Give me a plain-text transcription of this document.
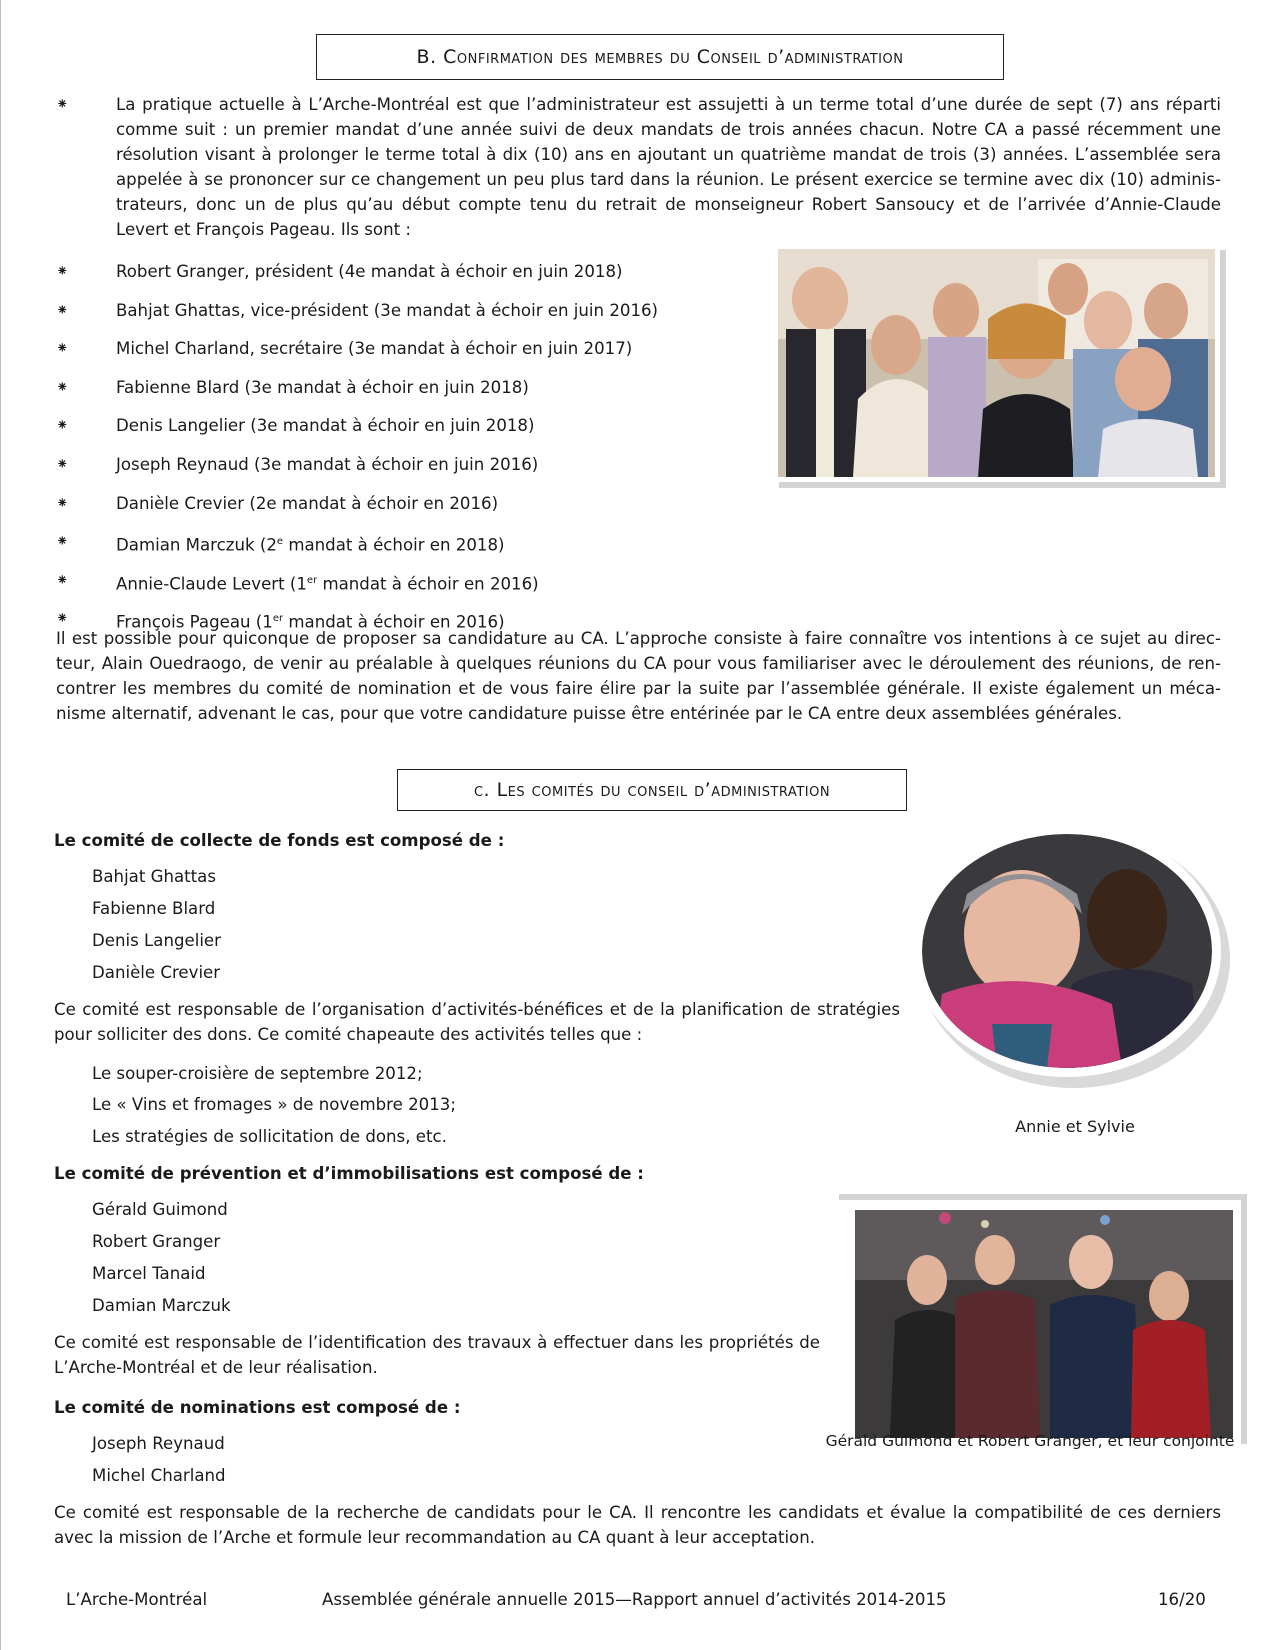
B. Confirmation des membres du Conseil d’administration
⁕
⁕	Robert Granger, président (4e mandat à échoir en juin 2018)
⁕	Bahjat Ghattas, vice-président (3e mandat à échoir en juin 2016)
⁕	Michel Charland, secrétaire (3e mandat à échoir en juin 2017)
⁕	Fabienne Blard (3e mandat à échoir en juin 2018)
⁕	Denis Langelier (3e mandat à échoir en juin 2018)
⁕	Joseph Reynaud (3e mandat à échoir en juin 2016)
⁕	Danièle Crevier (2e mandat à échoir en 2016)
⁕	Damian Marczuk (2e mandat à échoir en 2018)
⁕	Annie-Claude Levert (1er mandat à échoir en 2016)
⁕	François Pageau (1er mandat à échoir en 2016)
La pratique actuelle à L’Arche-Montréal est que l’administrateur est assujetti à un terme total d’une durée de sept (7) ans réparti comme suit : un premier mandat d’une année suivi de deux mandats de trois années chacun. Notre CA a passé récemment une résolution visant à prolonger le terme total à dix (10) ans en ajoutant un quatrième mandat de trois (3) années. L’assemblée sera appelée à se prononcer sur ce changement un peu plus tard dans la réunion. Le présent exercice se termine avec dix (10) adminis-trateurs, donc un de plus qu’au début compte tenu du retrait de monseigneur Robert Sansoucy et de l’arrivée d’Annie-Claude Levert et François Pageau. Ils sont :
Il est possible pour quiconque de proposer sa candidature au CA. L’approche consiste à faire connaître vos intentions à ce sujet au direc-teur, Alain Ouedraogo, de venir au préalable à quelques réunions du CA pour vous familiariser avec le déroulement des réunions, de ren-contrer les membres du comité de nomination et de vous faire élire par la suite par l’assemblée générale. Il existe également un méca-nisme alternatif, advenant le cas, pour que votre candidature puisse être entérinée par le CA entre deux assemblées générales.
c. Les comités du conseil d’administration
Le comité de collecte de fonds est composé de :
Bahjat Ghattas
Fabienne Blard
Denis Langelier
Danièle Crevier
Ce comité est responsable de l’organisation d’activités-bénéfices et de la planification de stratégies pour solliciter des dons. Ce comité chapeaute des activités telles que :
Le souper-croisière de septembre 2012;
Le « Vins et fromages » de novembre 2013;
Les stratégies de sollicitation de dons, etc.
Annie et Sylvie
Le comité de prévention et d’immobilisations est composé de :
Gérald Guimond
Robert Granger
Marcel Tanaid
Damian Marczuk
Ce comité est responsable de l’identification des travaux à effectuer dans les propriétés de L’Arche-Montréal et de leur réalisation.
Gérald Guimond et Robert Granger, et leur conjointe
Le comité de nominations est composé de :
Joseph Reynaud
Michel Charland
Ce comité est responsable de la recherche de candidats pour le CA. Il rencontre les candidats et évalue la compatibilité de ces derniers avec la mission de l’Arche et formule leur recommandation au CA quant à leur acceptation.
L’Arche-Montréal	Assemblée générale annuelle 2015—Rapport annuel d’activités 2014-2015	16/20
